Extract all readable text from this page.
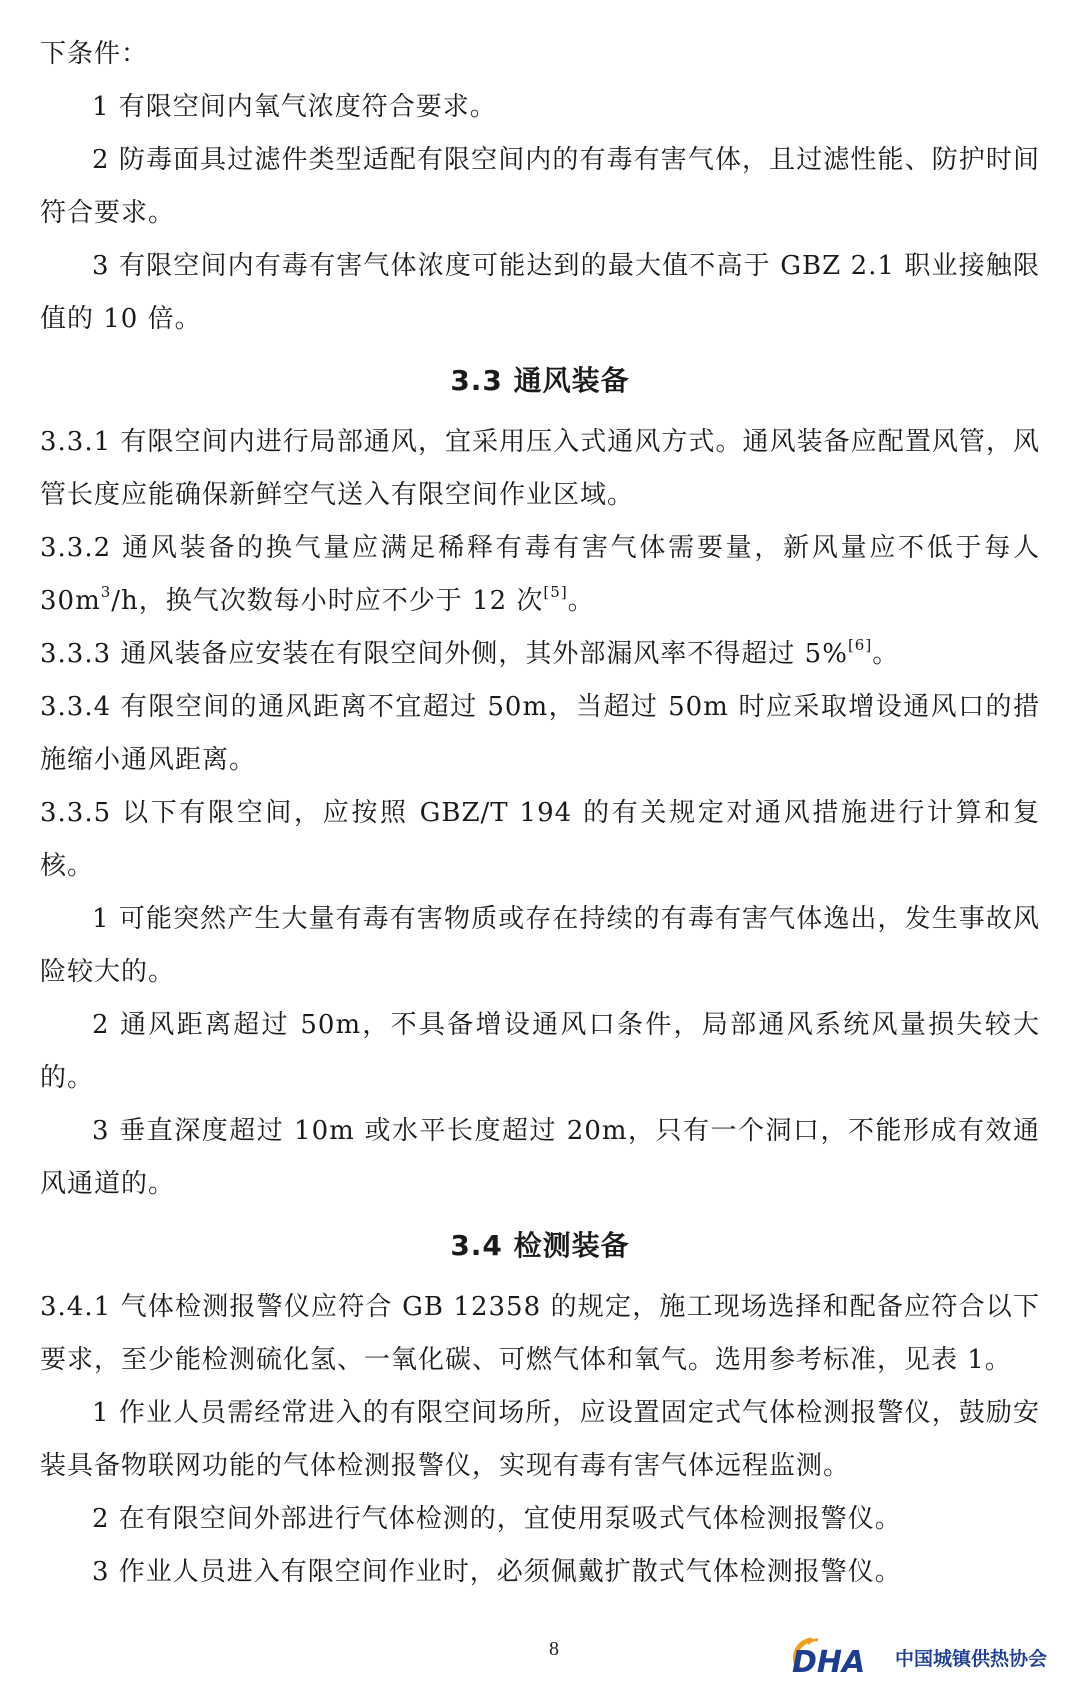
下条件：

1 有限空间内氧气浓度符合要求。

2 防毒面具过滤件类型适配有限空间内的有毒有害气体，且过滤性能、防护时间符合要求。

3 有限空间内有毒有害气体浓度可能达到的最大值不高于 GBZ 2.1 职业接触限值的 10 倍。

3.3 通风装备

3.3.1 有限空间内进行局部通风，宜采用压入式通风方式。通风装备应配置风管，风管长度应能确保新鲜空气送入有限空间作业区域。

3.3.2 通风装备的换气量应满足稀释有毒有害气体需要量，新风量应不低于每人 $30m^3/h$，换气次数每小时应不少于 12 次[5]。

3.3.3 通风装备应安装在有限空间外侧，其外部漏风率不得超过 5%[6]。

3.3.4 有限空间的通风距离不宜超过 50m，当超过 50m 时应采取增设通风口的措施缩小通风距离。

3.3.5 以下有限空间，应按照 GBZ/T 194 的有关规定对通风措施进行计算和复核。

1 可能突然产生大量有毒有害物质或存在持续的有毒有害气体逸出，发生事故风险较大的。

2 通风距离超过 50m，不具备增设通风口条件，局部通风系统风量损失较大的。

3 垂直深度超过 10m 或水平长度超过 20m，只有一个洞口，不能形成有效通风通道的。

3.4 检测装备

3.4.1 气体检测报警仪应符合 GB 12358 的规定，施工现场选择和配备应符合以下要求，至少能检测硫化氢、一氧化碳、可燃气体和氧气。选用参考标准，见表 1。

1 作业人员需经常进入的有限空间场所，应设置固定式气体检测报警仪，鼓励安装具备物联网功能的气体检测报警仪，实现有毒有害气体远程监测。

2 在有限空间外部进行气体检测的，宜使用泵吸式气体检测报警仪。

3 作业人员进入有限空间作业时，必须佩戴扩散式气体检测报警仪。

8	DHA 中国城镇供热协会
